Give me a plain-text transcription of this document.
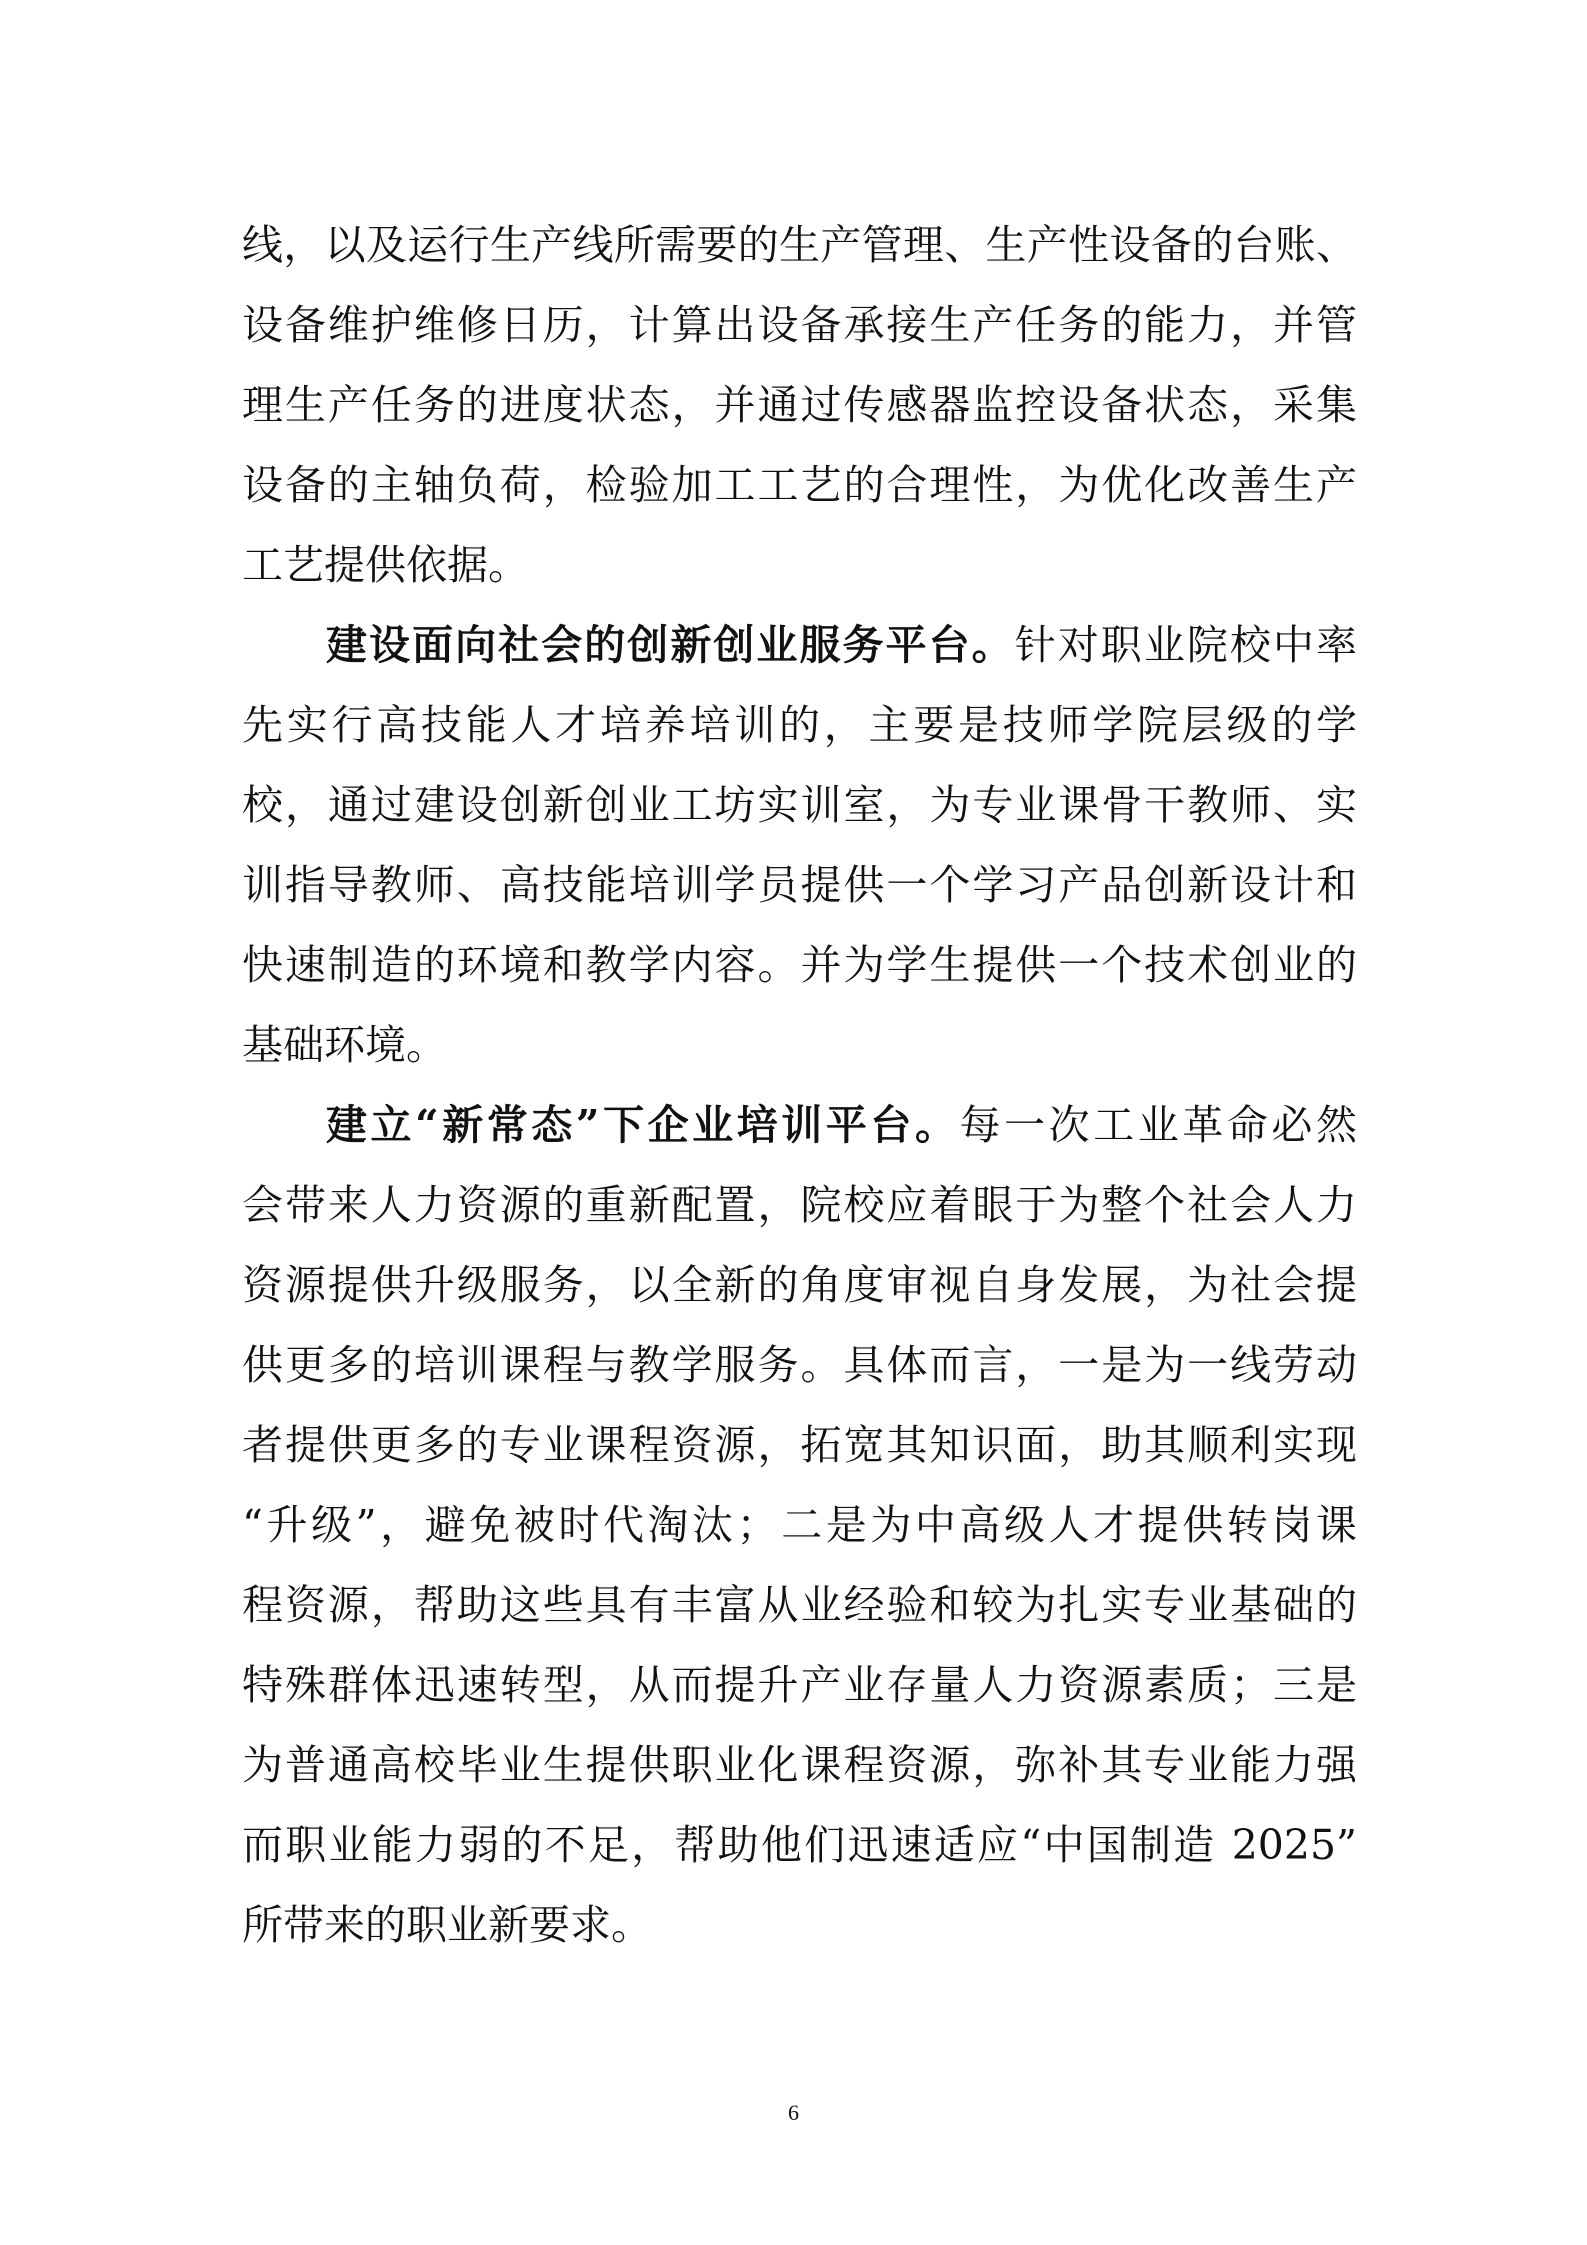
线，以及运行生产线所需要的生产管理、生产性设备的台账、
设备维护维修日历，计算出设备承接生产任务的能力，并管
理生产任务的进度状态，并通过传感器监控设备状态，采集
设备的主轴负荷，检验加工工艺的合理性，为优化改善生产
工艺提供依据。
建设面向社会的创新创业服务平台。针对职业院校中率
先实行高技能人才培养培训的，主要是技师学院层级的学
校，通过建设创新创业工坊实训室，为专业课骨干教师、实
训指导教师、高技能培训学员提供一个学习产品创新设计和
快速制造的环境和教学内容。并为学生提供一个技术创业的
基础环境。
建立“新常态”下企业培训平台。每一次工业革命必然
会带来人力资源的重新配置，院校应着眼于为整个社会人力
资源提供升级服务，以全新的角度审视自身发展，为社会提
供更多的培训课程与教学服务。具体而言，一是为一线劳动
者提供更多的专业课程资源，拓宽其知识面，助其顺利实现
“升级”，避免被时代淘汰；二是为中高级人才提供转岗课
程资源，帮助这些具有丰富从业经验和较为扎实专业基础的
特殊群体迅速转型，从而提升产业存量人力资源素质；三是
为普通高校毕业生提供职业化课程资源，弥补其专业能力强
而职业能力弱的不足，帮助他们迅速适应“中国制造 2025”
所带来的职业新要求。
6
